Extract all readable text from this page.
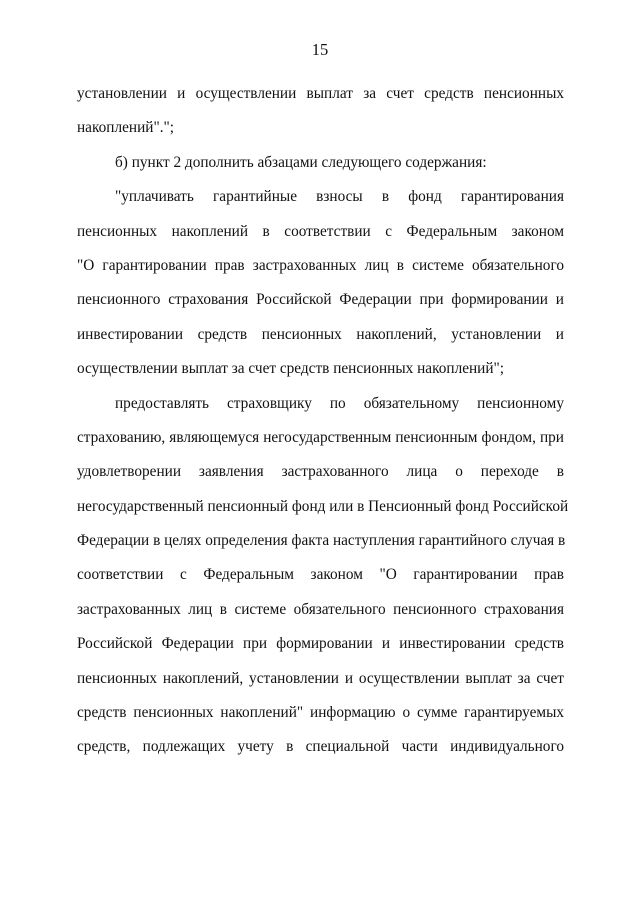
15
установлении и осуществлении выплат за счет средств пенсионных
накоплений".";
б) пункт 2 дополнить абзацами следующего содержания:
"уплачивать гарантийные взносы в фонд гарантирования
пенсионных накоплений в соответствии с Федеральным законом
"О гарантировании прав застрахованных лиц в системе обязательного
пенсионного страхования Российской Федерации при формировании и
инвестировании средств пенсионных накоплений, установлении и
осуществлении выплат за счет средств пенсионных накоплений";
предоставлять страховщику по обязательному пенсионному
страхованию, являющемуся негосударственным пенсионным фондом, при
удовлетворении заявления застрахованного лица о переходе в
негосударственный пенсионный фонд или в Пенсионный фонд Российской
Федерации в целях определения факта наступления гарантийного случая в
соответствии с Федеральным законом "О гарантировании прав
застрахованных лиц в системе обязательного пенсионного страхования
Российской Федерации при формировании и инвестировании средств
пенсионных накоплений, установлении и осуществлении выплат за счет
средств пенсионных накоплений" информацию о сумме гарантируемых
средств, подлежащих учету в специальной части индивидуального
